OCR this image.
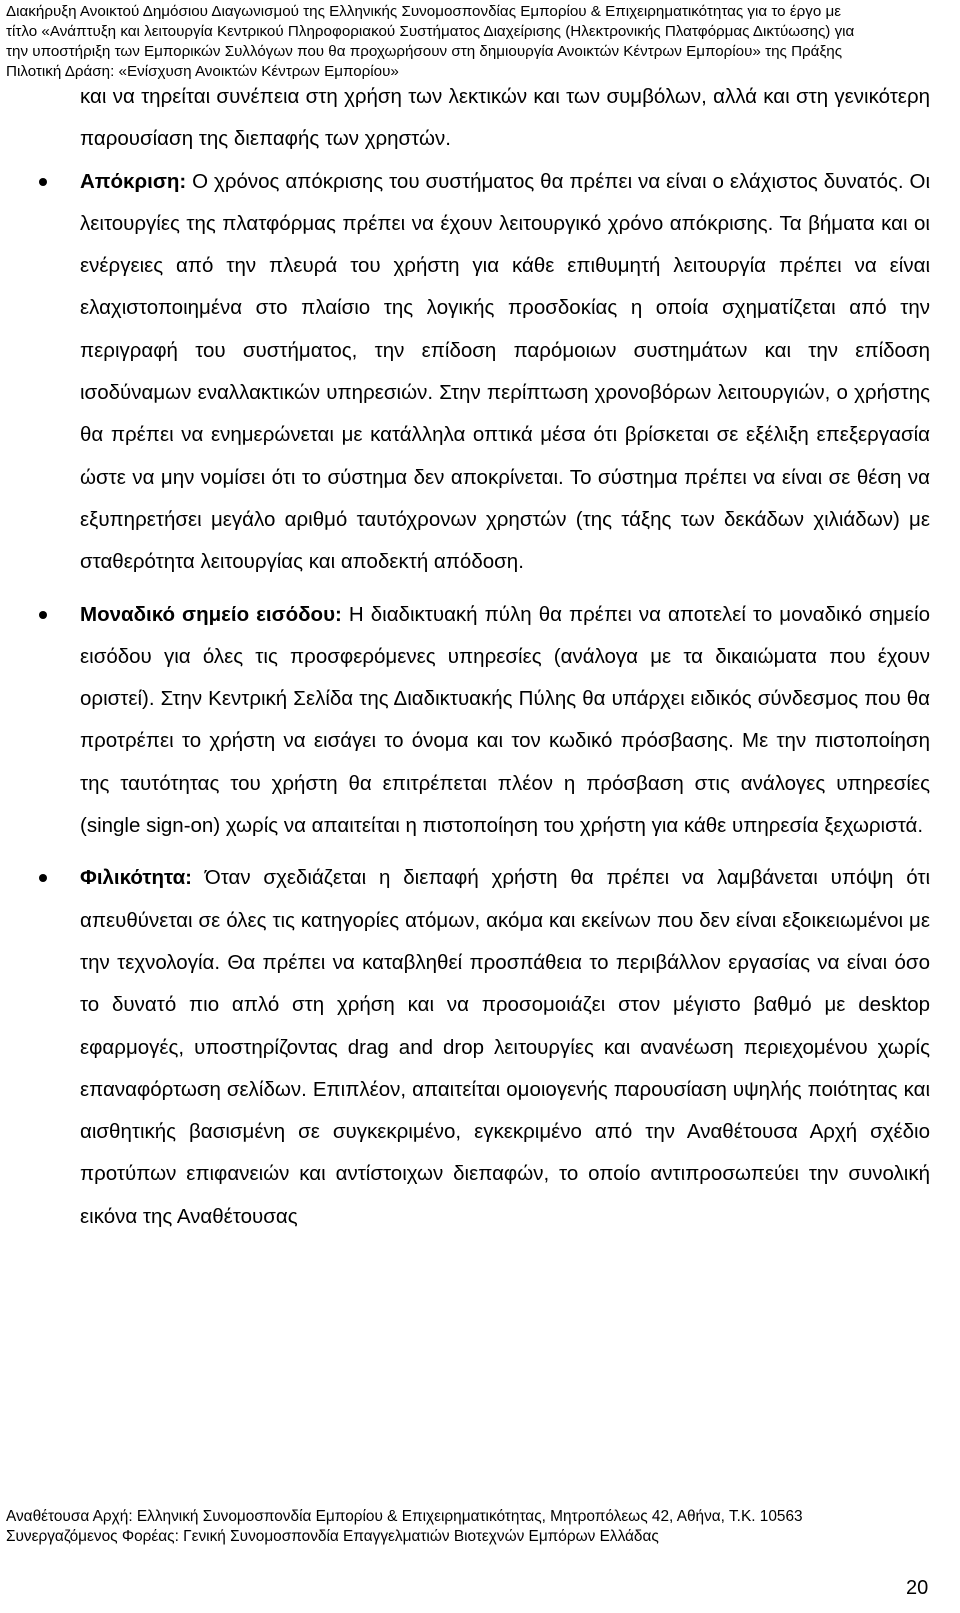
Διακήρυξη Ανοικτού Δημόσιου Διαγωνισμού της Ελληνικής Συνομοσπονδίας Εμπορίου & Επιχειρηματικότητας για το έργο με
τίτλο «Ανάπτυξη και λειτουργία Κεντρικού Πληροφοριακού Συστήματος Διαχείρισης (Ηλεκτρονικής Πλατφόρμας Δικτύωσης) για
την υποστήριξη των Εμπορικών Συλλόγων που θα προχωρήσουν στη δημιουργία Ανοικτών Κέντρων Εμπορίου» της Πράξης
Πιλοτική Δράση: «Ενίσχυση Ανοικτών Κέντρων Εμπορίου»

και να τηρείται συνέπεια στη χρήση των λεκτικών και των συμβόλων, αλλά και στη γενικότερη παρουσίαση της διεπαφής των χρηστών.

Απόκριση: Ο χρόνος απόκρισης του συστήματος θα πρέπει να είναι ο ελάχιστος δυνατός. Οι λειτουργίες της πλατφόρμας πρέπει να έχουν λειτουργικό χρόνο απόκρισης. Τα βήματα και οι ενέργειες από την πλευρά του χρήστη για κάθε επιθυμητή λειτουργία πρέπει να είναι ελαχιστοποιημένα στο πλαίσιο της λογικής προσδοκίας η οποία σχηματίζεται από την περιγραφή του συστήματος, την επίδοση παρόμοιων συστημάτων και την επίδοση ισοδύναμων εναλλακτικών υπηρεσιών. Στην περίπτωση χρονοβόρων λειτουργιών, ο χρήστης θα πρέπει να ενημερώνεται με κατάλληλα οπτικά μέσα ότι βρίσκεται σε εξέλιξη επεξεργασία ώστε να μην νομίσει ότι το σύστημα δεν αποκρίνεται. Το σύστημα πρέπει να είναι σε θέση να εξυπηρετήσει μεγάλο αριθμό ταυτόχρονων χρηστών (της τάξης των δεκάδων χιλιάδων) με σταθερότητα λειτουργίας και αποδεκτή απόδοση.

Μοναδικό σημείο εισόδου: Η διαδικτυακή πύλη θα πρέπει να αποτελεί το μοναδικό σημείο εισόδου για όλες τις προσφερόμενες υπηρεσίες (ανάλογα με τα δικαιώματα που έχουν οριστεί). Στην Κεντρική Σελίδα της Διαδικτυακής Πύλης θα υπάρχει ειδικός σύνδεσμος που θα προτρέπει το χρήστη να εισάγει το όνομα και τον κωδικό πρόσβασης. Με την πιστοποίηση της ταυτότητας του χρήστη θα επιτρέπεται πλέον η πρόσβαση στις ανάλογες υπηρεσίες (single sign-on) χωρίς να απαιτείται η πιστοποίηση του χρήστη για κάθε υπηρεσία ξεχωριστά.

Φιλικότητα: Όταν σχεδιάζεται η διεπαφή χρήστη θα πρέπει να λαμβάνεται υπόψη ότι απευθύνεται σε όλες τις κατηγορίες ατόμων, ακόμα και εκείνων που δεν είναι εξοικειωμένοι με την τεχνολογία. Θα πρέπει να καταβληθεί προσπάθεια το περιβάλλον εργασίας να είναι όσο το δυνατό πιο απλό στη χρήση και να προσομοιάζει στον μέγιστο βαθμό με desktop εφαρμογές, υποστηρίζοντας drag and drop λειτουργίες και ανανέωση περιεχομένου χωρίς επαναφόρτωση σελίδων. Επιπλέον, απαιτείται ομοιογενής παρουσίαση υψηλής ποιότητας και αισθητικής βασισμένη σε συγκεκριμένο, εγκεκριμένο από την Αναθέτουσα Αρχή σχέδιο προτύπων επιφανειών και αντίστοιχων διεπαφών, το οποίο αντιπροσωπεύει την συνολική εικόνα της Αναθέτουσας

Αναθέτουσα Αρχή: Ελληνική Συνομοσπονδία Εμπορίου & Επιχειρηματικότητας, Μητροπόλεως 42, Αθήνα, Τ.Κ. 10563
Συνεργαζόμενος Φορέας: Γενική Συνομοσπονδία Επαγγελματιών Βιοτεχνών Εμπόρων Ελλάδας
20
